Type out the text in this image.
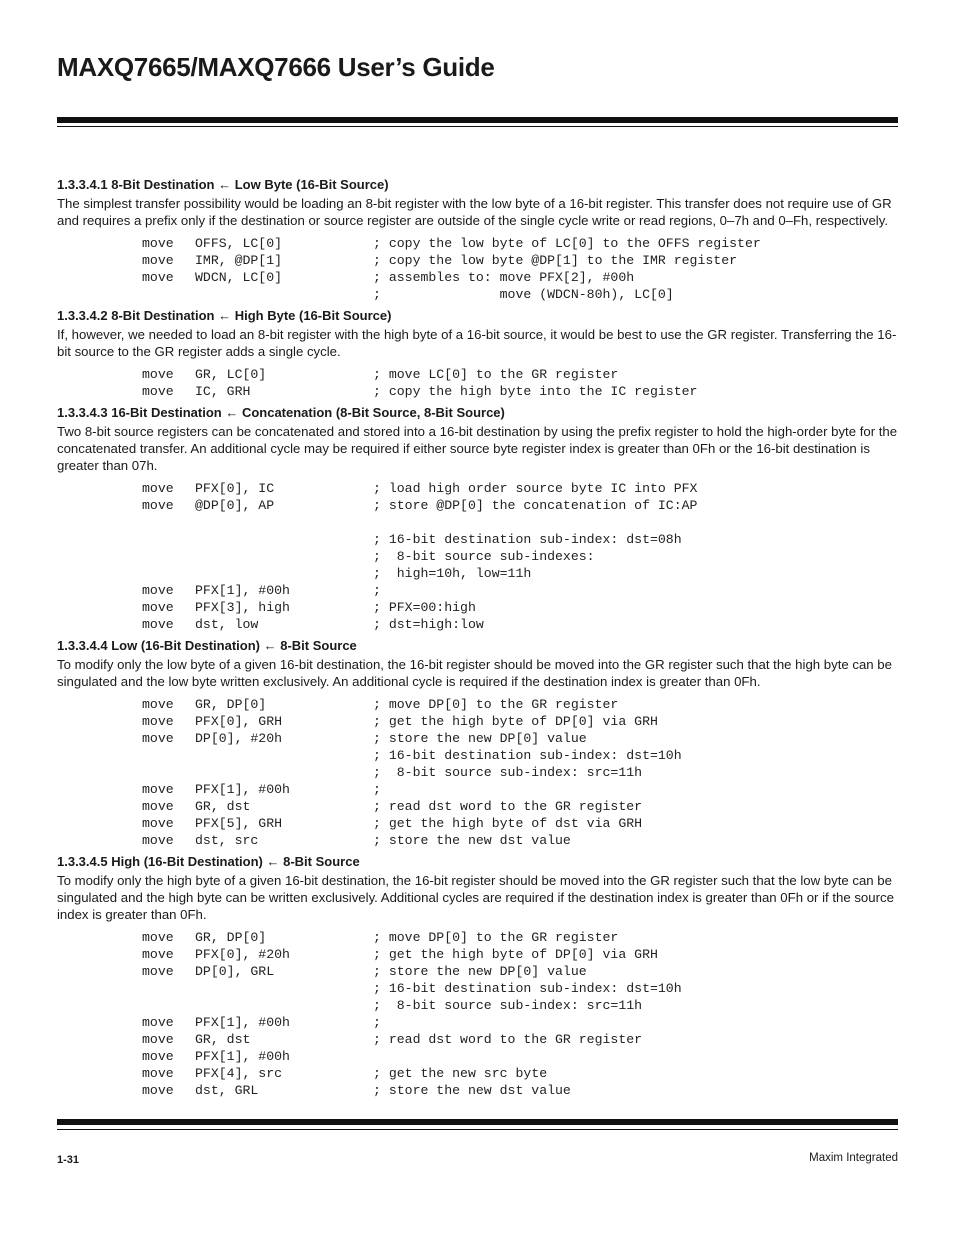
MAXQ7665/MAXQ7666 User’s Guide
1.3.3.4.1 8-Bit Destination ← Low Byte (16-Bit Source)
The simplest transfer possibility would be loading an 8-bit register with the low byte of a 16-bit register. This transfer does not require use of GR and requires a prefix only if the destination or source register are outside of the single cycle write or read regions, 0–7h and 0–Fh, respectively.
move	OFFS, LC[0]	; copy the low byte of LC[0] to the OFFS register
move	IMR, @DP[1]	; copy the low byte @DP[1] to the IMR register
move	WDCN, LC[0]	; assembles to: move PFX[2], #00h
;               move (WDCN-80h), LC[0]
1.3.3.4.2 8-Bit Destination ← High Byte (16-Bit Source)
If, however, we needed to load an 8-bit register with the high byte of a 16-bit source, it would be best to use the GR register. Transferring the 16-bit source to the GR register adds a single cycle.
move	GR, LC[0]	; move LC[0] to the GR register
move	IC, GRH	; copy the high byte into the IC register
1.3.3.4.3 16-Bit Destination ← Concatenation (8-Bit Source, 8-Bit Source)
Two 8-bit source registers can be concatenated and stored into a 16-bit destination by using the prefix register to hold the high-order byte for the concatenated transfer. An additional cycle may be required if either source byte register index is greater than 0Fh or the 16-bit destination is greater than 07h.
move	PFX[0], IC	; load high order source byte IC into PFX
move	@DP[0], AP	; store @DP[0] the concatenation of IC:AP
; 16-bit destination sub-index: dst=08h
;  8-bit source sub-indexes:
;  high=10h, low=11h
move	PFX[1], #00h	;
move	PFX[3], high	; PFX=00:high
move	dst, low	; dst=high:low
1.3.3.4.4 Low (16-Bit Destination) ← 8-Bit Source
To modify only the low byte of a given 16-bit destination, the 16-bit register should be moved into the GR register such that the high byte can be singulated and the low byte written exclusively. An additional cycle is required if the destination index is greater than 0Fh.
move	GR, DP[0]	; move DP[0] to the GR register
move	PFX[0], GRH	; get the high byte of DP[0] via GRH
move	DP[0], #20h	; store the new DP[0] value
; 16-bit destination sub-index: dst=10h
;  8-bit source sub-index: src=11h
move	PFX[1], #00h	;
move	GR, dst	; read dst word to the GR register
move	PFX[5], GRH	; get the high byte of dst via GRH
move	dst, src	; store the new dst value
1.3.3.4.5 High (16-Bit Destination) ← 8-Bit Source
To modify only the high byte of a given 16-bit destination, the 16-bit register should be moved into the GR register such that the low byte can be singulated and the high byte can be written exclusively. Additional cycles are required if the destination index is greater than 0Fh or if the source index is greater than 0Fh.
move	GR, DP[0]	; move DP[0] to the GR register
move	PFX[0], #20h	; get the high byte of DP[0] via GRH
move	DP[0], GRL	; store the new DP[0] value
; 16-bit destination sub-index: dst=10h
;  8-bit source sub-index: src=11h
move	PFX[1], #00h	;
move	GR, dst	; read dst word to the GR register
move	PFX[1], #00h
move	PFX[4], src	; get the new src byte
move	dst, GRL	; store the new dst value
1-31	Maxim Integrated
